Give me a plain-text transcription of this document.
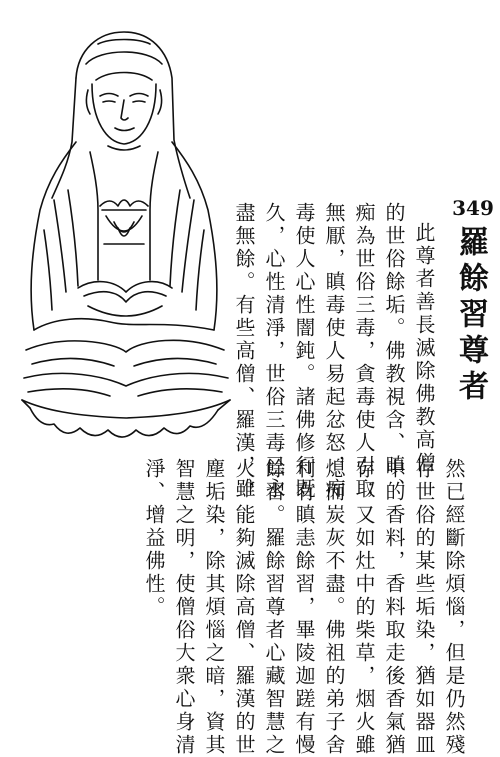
349
羅餘習尊者
此尊者善長滅除佛教高僧
的世俗餘垢。佛教視含、瞋、
痴為世俗三毒，貪毒使人引取
無厭，瞋毒使人易起忿怒，痴
毒使人心性闇鈍。諸佛修行既
久，心性清淨，世俗三毒已永
盡無餘。有些高僧、羅漢，雖
然已經斷除煩惱，但是仍然殘
存世俗的某些垢染，猶如器皿
中的香料，香料取走後香氣猶
存；又如灶中的柴草，烟火雖
熄而炭灰不盡。佛祖的弟子舍
利有瞋恚餘習，畢陵迦蹉有慢
餘習。羅餘習尊者心藏智慧之
火，能夠滅除高僧、羅漢的世
塵垢染，除其煩惱之暗，資其
智慧之明，使僧俗大衆心身清
淨、增益佛性。
